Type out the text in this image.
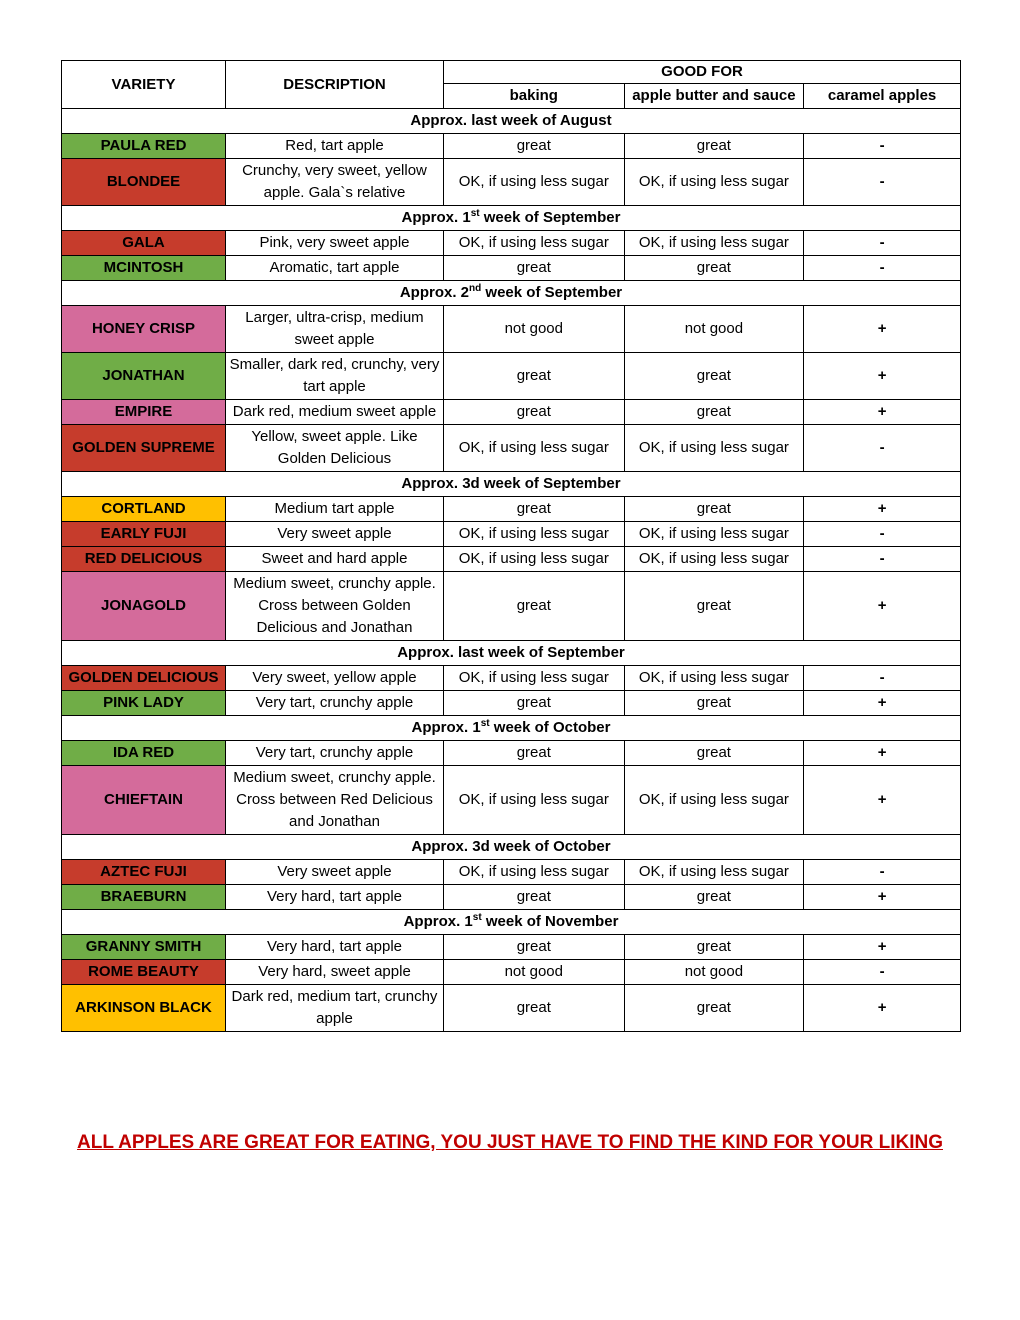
VARIETY	DESCRIPTION	GOOD FOR		
		baking	apple butter and sauce	caramel apples
Approx. last week of August				
PAULA RED	Red, tart apple	great	great	-
BLONDEE	Crunchy, very sweet, yellow apple. Gala`s relative	OK, if using less sugar	OK, if using less sugar	-
Approx. 1st week of September				
GALA	Pink, very sweet apple	OK, if using less sugar	OK, if using less sugar	-
MCINTOSH	Aromatic, tart apple	great	great	-
Approx. 2nd week of September				
HONEY CRISP	Larger, ultra-crisp, medium sweet apple	not good	not good	+
JONATHAN	Smaller, dark red, crunchy, very tart apple	great	great	+
EMPIRE	Dark red, medium sweet apple	great	great	+
GOLDEN SUPREME	Yellow, sweet apple. Like Golden Delicious	OK, if using less sugar	OK, if using less sugar	-
Approx. 3d week of September				
CORTLAND	Medium tart apple	great	great	+
EARLY FUJI	Very sweet apple	OK, if using less sugar	OK, if using less sugar	-
RED DELICIOUS	Sweet and hard apple	OK, if using less sugar	OK, if using less sugar	-
JONAGOLD	Medium sweet, crunchy apple. Cross between Golden Delicious and Jonathan	great	great	+
Approx. last week of September				
GOLDEN DELICIOUS	Very sweet, yellow apple	OK, if using less sugar	OK, if using less sugar	-
PINK LADY	Very tart, crunchy apple	great	great	+
Approx. 1st week of October				
IDA RED	Very tart, crunchy apple	great	great	+
CHIEFTAIN	Medium sweet, crunchy apple. Cross between Red Delicious and Jonathan	OK, if using less sugar	OK, if using less sugar	+
Approx. 3d week of October				
AZTEC FUJI	Very sweet apple	OK, if using less sugar	OK, if using less sugar	-
BRAEBURN	Very hard, tart apple	great	great	+
Approx. 1st week of November				
GRANNY SMITH	Very hard, tart apple	great	great	+
ROME BEAUTY	Very hard, sweet apple	not good	not good	-
ARKINSON BLACK	Dark red, medium tart, crunchy apple	great	great	+
ALL APPLES ARE GREAT FOR EATING, YOU JUST HAVE TO FIND THE KIND FOR YOUR LIKING
